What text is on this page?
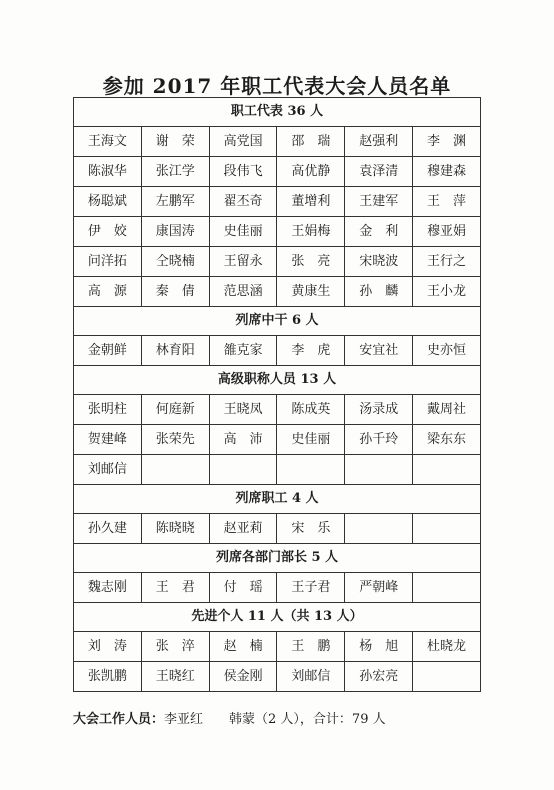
参加 2017 年职工代表大会人员名单
职工代表 36 人
王海文	谢　荣	高党国	邵　瑞	赵强利	李　渊
陈淑华	张江学	段伟飞	高优静	袁泽清	穆建森
杨聪斌	左鹏军	翟丕奇	董增利	王建军	王　萍
伊　姣	康国涛	史佳丽	王娟梅	金　利	穆亚娟
问洋拓	仝晓楠	王留永	张　亮	宋晓波	王行之
高　源	秦　倩	范思涵	黄康生	孙　麟	王小龙
列席中干 6 人
金朝鲜	林育阳	雒克家	李　虎	安宜社	史亦恒
高级职称人员 13 人
张明柱	何庭新	王晓凤	陈成英	汤录成	戴周社
贺建峰	张荣先	高　沛	史佳丽	孙千玲	梁东东
刘邮信
列席职工 4 人
孙久建	陈晓晓	赵亚莉	宋　乐
列席各部门部长 5 人
魏志刚	王　君	付　瑶	王子君	严朝峰
先进个人 11 人（共 13 人）
刘　涛	张　淬	赵　楠	王　鹏	杨　旭	杜晓龙
张凯鹏	王晓红	侯金刚	刘邮信	孙宏亮
大会工作人员：李亚红　　韩蒙（2 人），合计：79 人
